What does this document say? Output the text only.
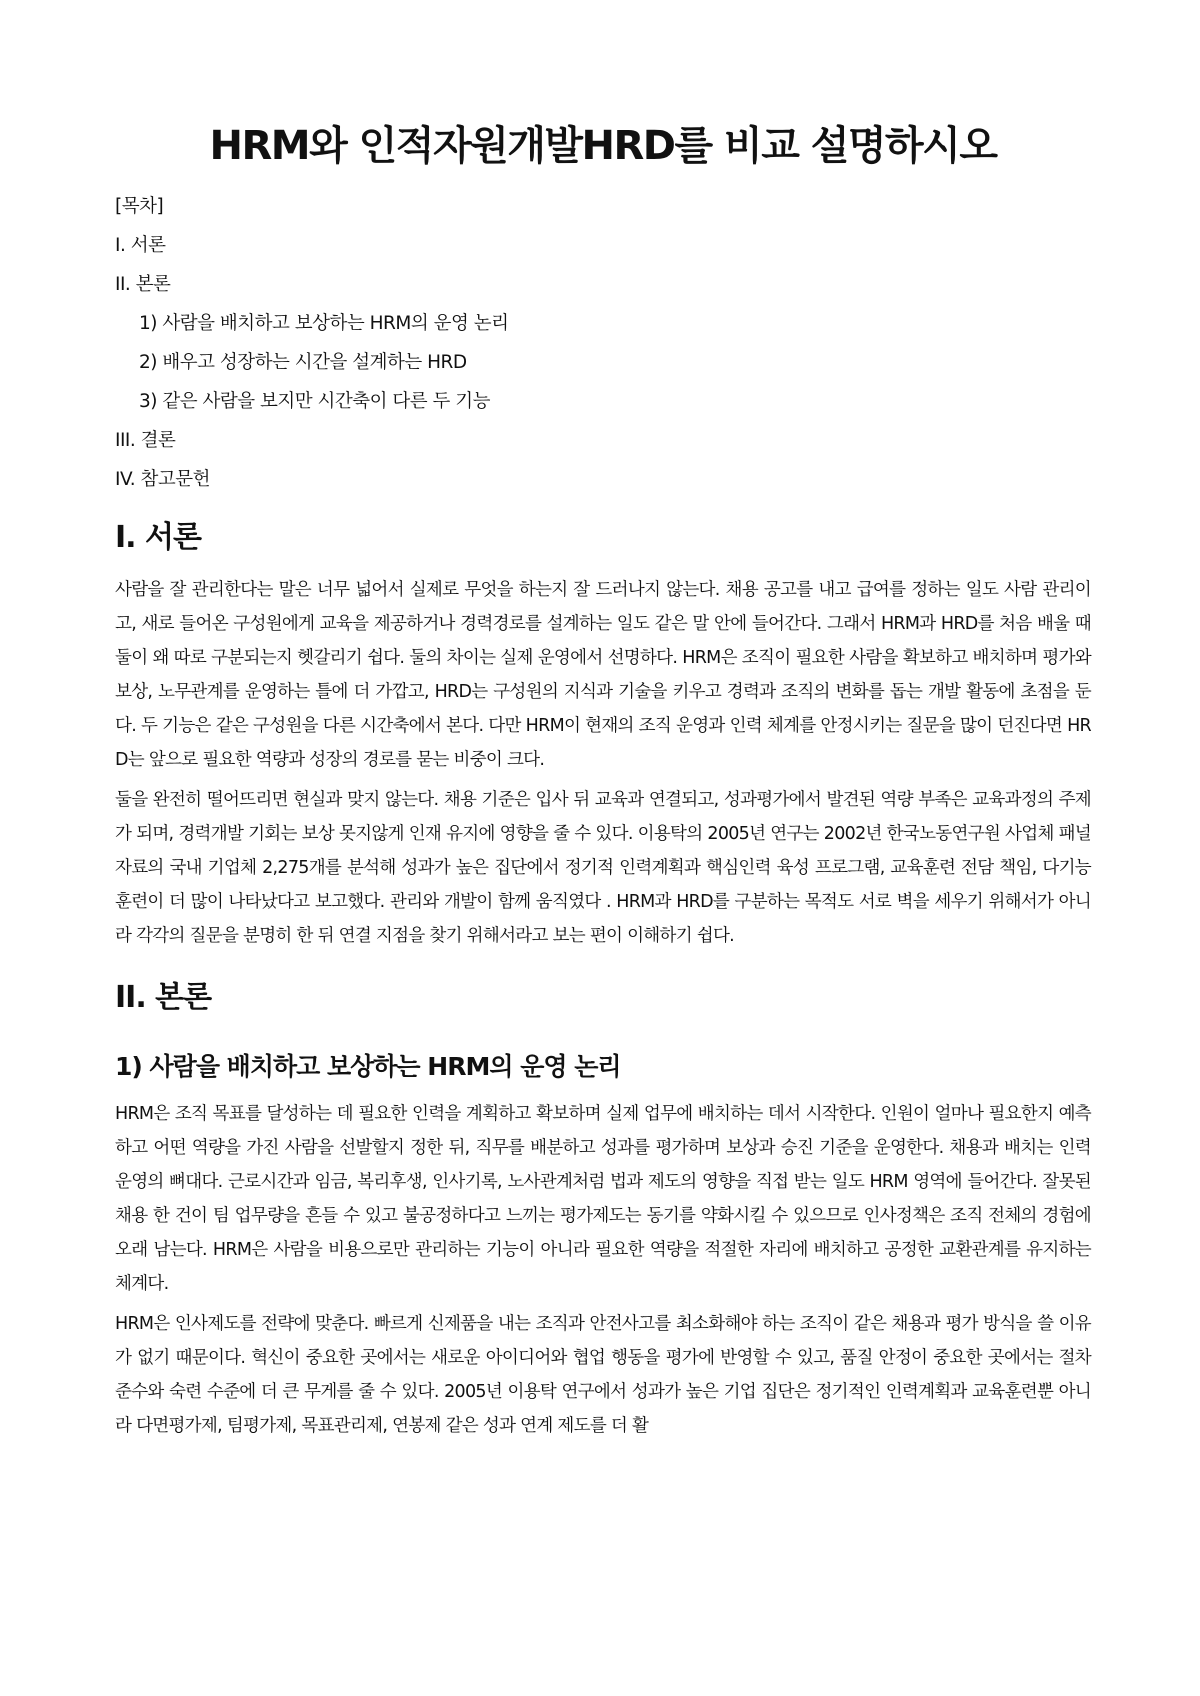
HRM와 인적자원개발HRD를 비교 설명하시오
[목차]
I. 서론
II. 본론
1) 사람을 배치하고 보상하는 HRM의 운영 논리
2) 배우고 성장하는 시간을 설계하는 HRD
3) 같은 사람을 보지만 시간축이 다른 두 기능
III. 결론
IV. 참고문헌
I. 서론

사람을 잘 관리한다는 말은 너무 넓어서 실제로 무엇을 하는지 잘 드러나지 않는다. 채용 공고를 내고 급여를 정하는 일도 사람 관리이고, 새로 들어온 구성원에게 교육을 제공하거나 경력경로를 설계하는 일도 같은 말 안에 들어간다. 그래서 HRM과 HRD를 처음 배울 때 둘이 왜 따로 구분되는지 헷갈리기 쉽다. 둘의 차이는 실제 운영에서 선명하다. HRM은 조직이 필요한 사람을 확보하고 배치하며 평가와 보상, 노무관계를 운영하는 틀에 더 가깝고, HRD는 구성원의 지식과 기술을 키우고 경력과 조직의 변화를 돕는 개발 활동에 초점을 둔다. 두 기능은 같은 구성원을 다른 시간축에서 본다. 다만 HRM이 현재의 조직 운영과 인력 체계를 안정시키는 질문을 많이 던진다면 HRD는 앞으로 필요한 역량과 성장의 경로를 묻는 비중이 크다.

둘을 완전히 떨어뜨리면 현실과 맞지 않는다. 채용 기준은 입사 뒤 교육과 연결되고, 성과평가에서 발견된 역량 부족은 교육과정의 주제가 되며, 경력개발 기회는 보상 못지않게 인재 유지에 영향을 줄 수 있다. 이용탁의 2005년 연구는 2002년 한국노동연구원 사업체 패널자료의 국내 기업체 2,275개를 분석해 성과가 높은 집단에서 정기적 인력계획과 핵심인력 육성 프로그램, 교육훈련 전담 책임, 다기능훈련이 더 많이 나타났다고 보고했다. 관리와 개발이 함께 움직였다 . HRM과 HRD를 구분하는 목적도 서로 벽을 세우기 위해서가 아니라 각각의 질문을 분명히 한 뒤 연결 지점을 찾기 위해서라고 보는 편이 이해하기 쉽다.

II. 본론
1) 사람을 배치하고 보상하는 HRM의 운영 논리

HRM은 조직 목표를 달성하는 데 필요한 인력을 계획하고 확보하며 실제 업무에 배치하는 데서 시작한다. 인원이 얼마나 필요한지 예측하고 어떤 역량을 가진 사람을 선발할지 정한 뒤, 직무를 배분하고 성과를 평가하며 보상과 승진 기준을 운영한다. 채용과 배치는 인력 운영의 뼈대다. 근로시간과 임금, 복리후생, 인사기록, 노사관계처럼 법과 제도의 영향을 직접 받는 일도 HRM 영역에 들어간다. 잘못된 채용 한 건이 팀 업무량을 흔들 수 있고 불공정하다고 느끼는 평가제도는 동기를 약화시킬 수 있으므로 인사정책은 조직 전체의 경험에 오래 남는다. HRM은 사람을 비용으로만 관리하는 기능이 아니라 필요한 역량을 적절한 자리에 배치하고 공정한 교환관계를 유지하는 체계다.

HRM은 인사제도를 전략에 맞춘다. 빠르게 신제품을 내는 조직과 안전사고를 최소화해야 하는 조직이 같은 채용과 평가 방식을 쓸 이유가 없기 때문이다. 혁신이 중요한 곳에서는 새로운 아이디어와 협업 행동을 평가에 반영할 수 있고, 품질 안정이 중요한 곳에서는 절차 준수와 숙련 수준에 더 큰 무게를 줄 수 있다. 2005년 이용탁 연구에서 성과가 높은 기업 집단은 정기적인 인력계획과 교육훈련뿐 아니라 다면평가제, 팀평가제, 목표관리제, 연봉제 같은 성과 연계 제도를 더 활
